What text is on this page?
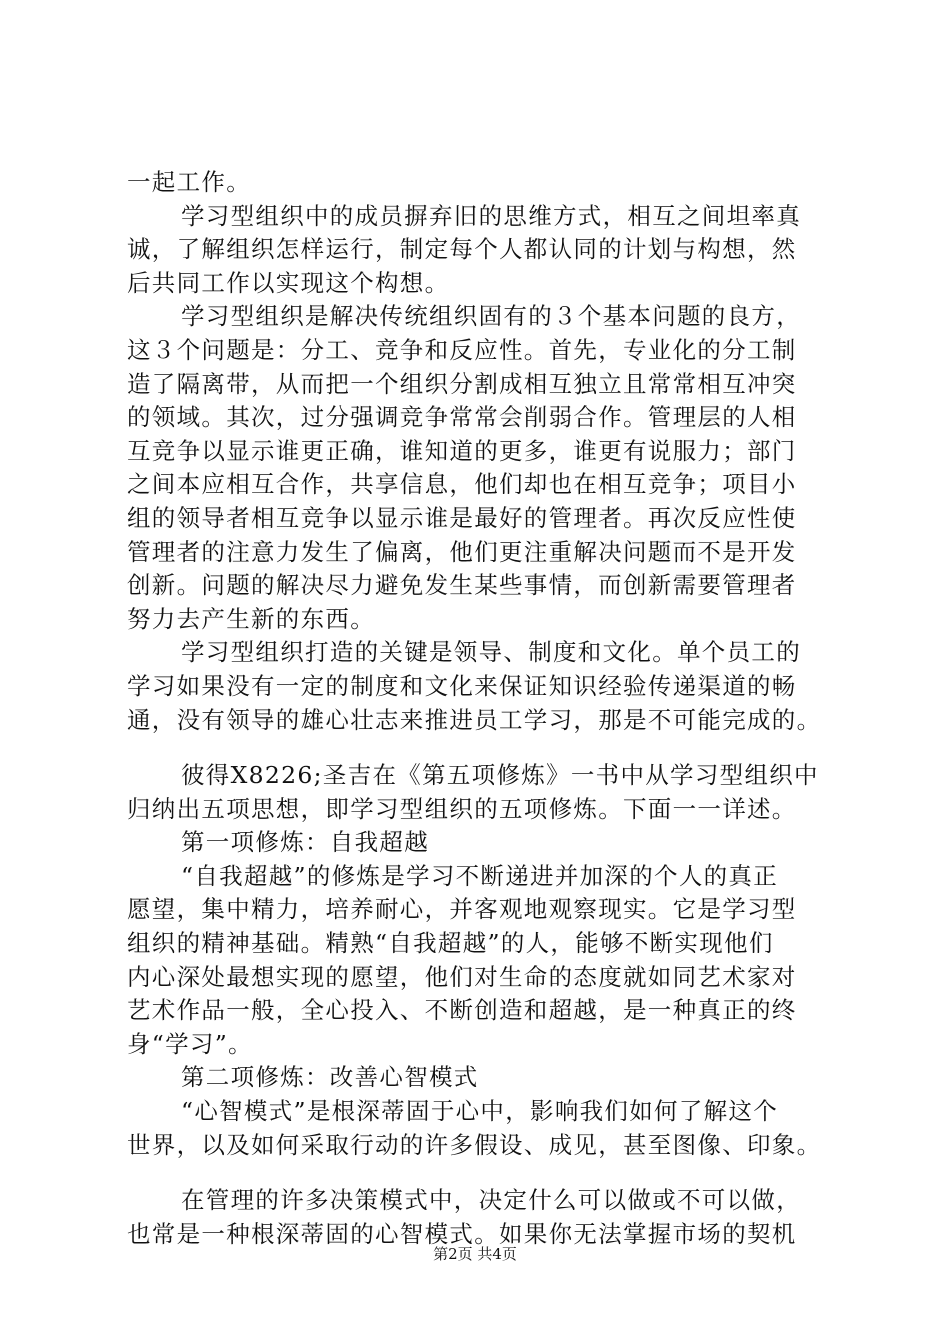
一起工作。
学习型组织中的成员摒弃旧的思维方式，相互之间坦率真
诚，了解组织怎样运行，制定每个人都认同的计划与构想，然
后共同工作以实现这个构想。
学习型组织是解决传统组织固有的３个基本问题的良方，
这３个问题是：分工、竞争和反应性。首先，专业化的分工制
造了隔离带，从而把一个组织分割成相互独立且常常相互冲突
的领域。其次，过分强调竞争常常会削弱合作。管理层的人相
互竞争以显示谁更正确，谁知道的更多，谁更有说服力；部门
之间本应相互合作，共享信息，他们却也在相互竞争；项目小
组的领导者相互竞争以显示谁是最好的管理者。再次反应性使
管理者的注意力发生了偏离，他们更注重解决问题而不是开发
创新。问题的解决尽力避免发生某些事情，而创新需要管理者
努力去产生新的东西。
学习型组织打造的关键是领导、制度和文化。单个员工的
学习如果没有一定的制度和文化来保证知识经验传递渠道的畅
通，没有领导的雄心壮志来推进员工学习，那是不可能完成的。
彼得X8226;圣吉在《第五项修炼》一书中从学习型组织中
归纳出五项思想，即学习型组织的五项修炼。下面一一详述。
第一项修炼：自我超越
“自我超越”的修炼是学习不断递进并加深的个人的真正
愿望，集中精力，培养耐心，并客观地观察现实。它是学习型
组织的精神基础。精熟“自我超越”的人，能够不断实现他们
内心深处最想实现的愿望，他们对生命的态度就如同艺术家对
艺术作品一般，全心投入、不断创造和超越，是一种真正的终
身“学习”。
第二项修炼：改善心智模式
“心智模式”是根深蒂固于心中，影响我们如何了解这个
世界，以及如何采取行动的许多假设、成见，甚至图像、印象。
在管理的许多决策模式中，决定什么可以做或不可以做，
也常是一种根深蒂固的心智模式。如果你无法掌握市场的契机
第2页 共4页
